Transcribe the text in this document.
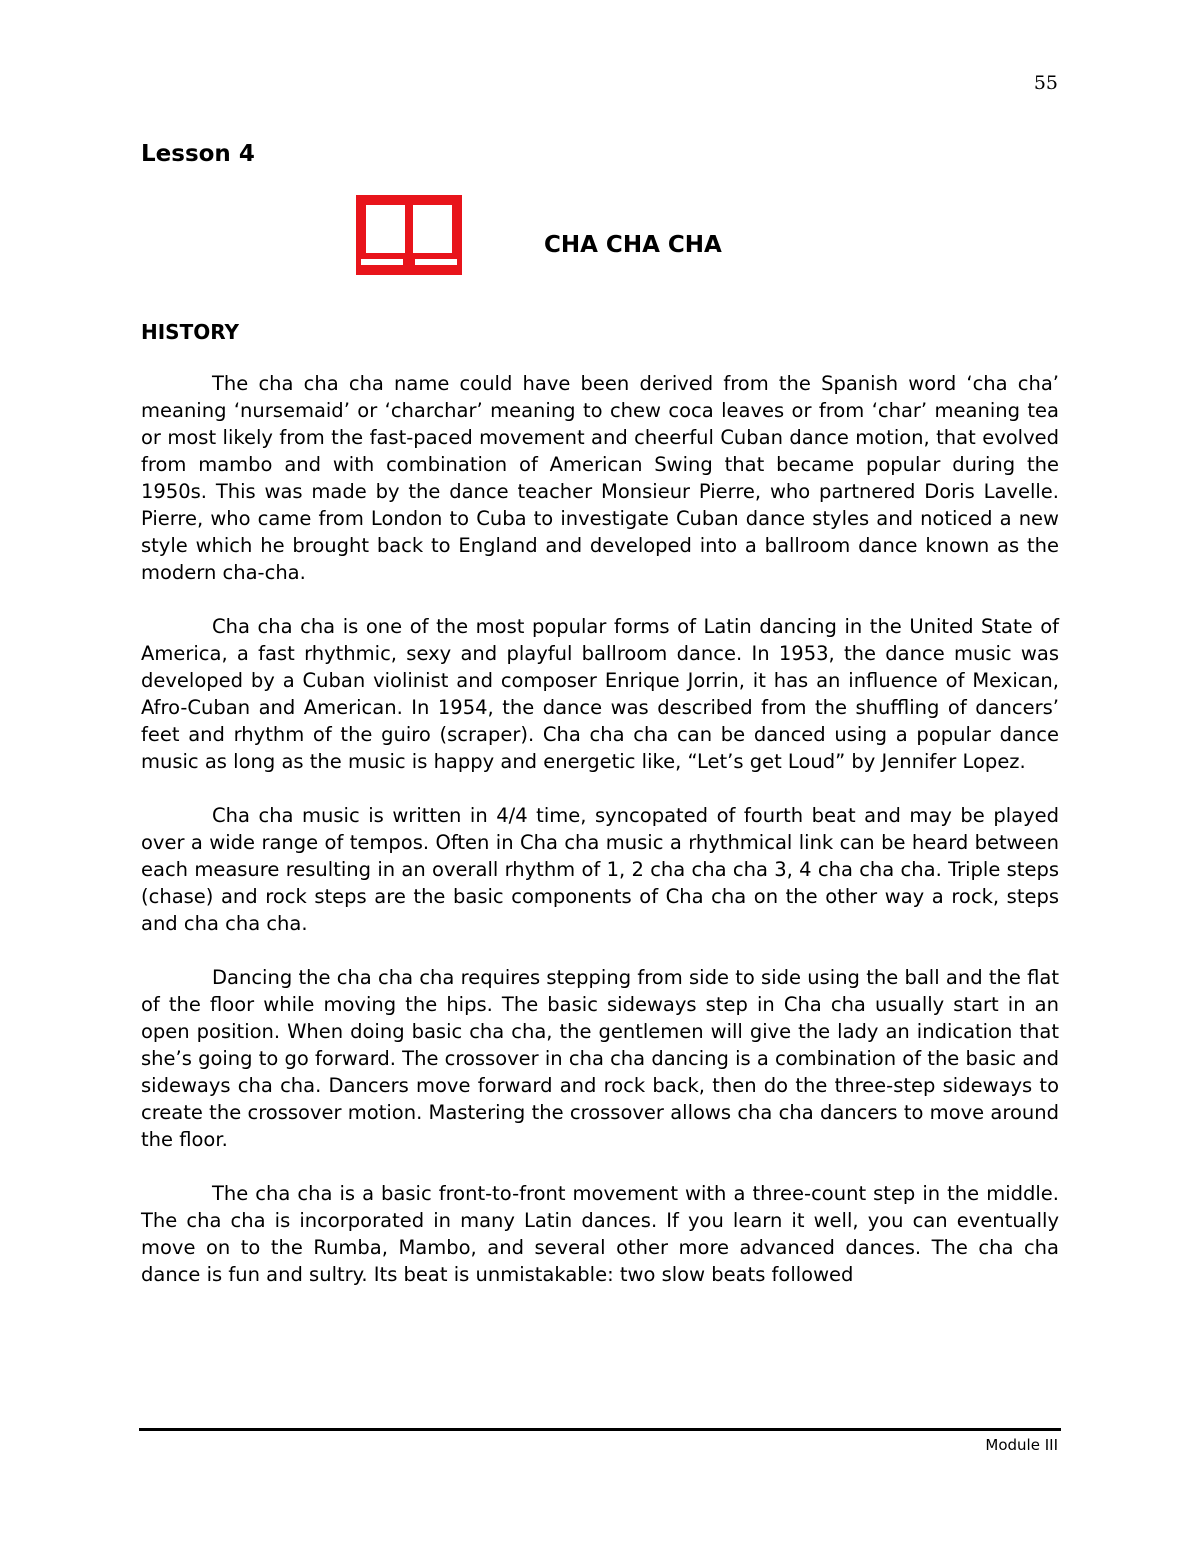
55
Lesson 4
CHA CHA CHA
HISTORY

The cha cha cha name could have been derived from the Spanish word ‘cha cha’ meaning ‘nursemaid’ or ‘charchar’ meaning to chew coca leaves or from ‘char’ meaning tea or most likely from the fast-paced movement and cheerful Cuban dance motion, that evolved from mambo and with combination of American Swing that became popular during the 1950s. This was made by the dance teacher Monsieur Pierre, who partnered Doris Lavelle. Pierre, who came from London to Cuba to investigate Cuban dance styles and noticed a new style which he brought back to England and developed into a ballroom dance known as the modern cha-cha.

Cha cha cha is one of the most popular forms of Latin dancing in the United State of America, a fast rhythmic, sexy and playful ballroom dance. In 1953, the dance music was developed by a Cuban violinist and composer Enrique Jorrin, it has an influence of Mexican, Afro-Cuban and American. In 1954, the dance was described from the shuffling of dancers’ feet and rhythm of the guiro (scraper). Cha cha cha can be danced using a popular dance music as long as the music is happy and energetic like, “Let’s get Loud” by Jennifer Lopez.

Cha cha music is written in 4/4 time, syncopated of fourth beat and may be played over a wide range of tempos. Often in Cha cha music a rhythmical link can be heard between each measure resulting in an overall rhythm of 1, 2 cha cha cha 3, 4 cha cha cha. Triple steps (chase) and rock steps are the basic components of Cha cha on the other way a rock, steps and cha cha cha.

Dancing the cha cha cha requires stepping from side to side using the ball and the flat of the floor while moving the hips. The basic sideways step in Cha cha usually start in an open position. When doing basic cha cha, the gentlemen will give the lady an indication that she’s going to go forward. The crossover in cha cha dancing is a combination of the basic and sideways cha cha. Dancers move forward and rock back, then do the three-step sideways to create the crossover motion. Mastering the crossover allows cha cha dancers to move around the floor.

The cha cha is a basic front-to-front movement with a three-count step in the middle. The cha cha is incorporated in many Latin dances. If you learn it well, you can eventually move on to the Rumba, Mambo, and several other more advanced dances. The cha cha dance is fun and sultry. Its beat is unmistakable: two slow beats followed

Module III
